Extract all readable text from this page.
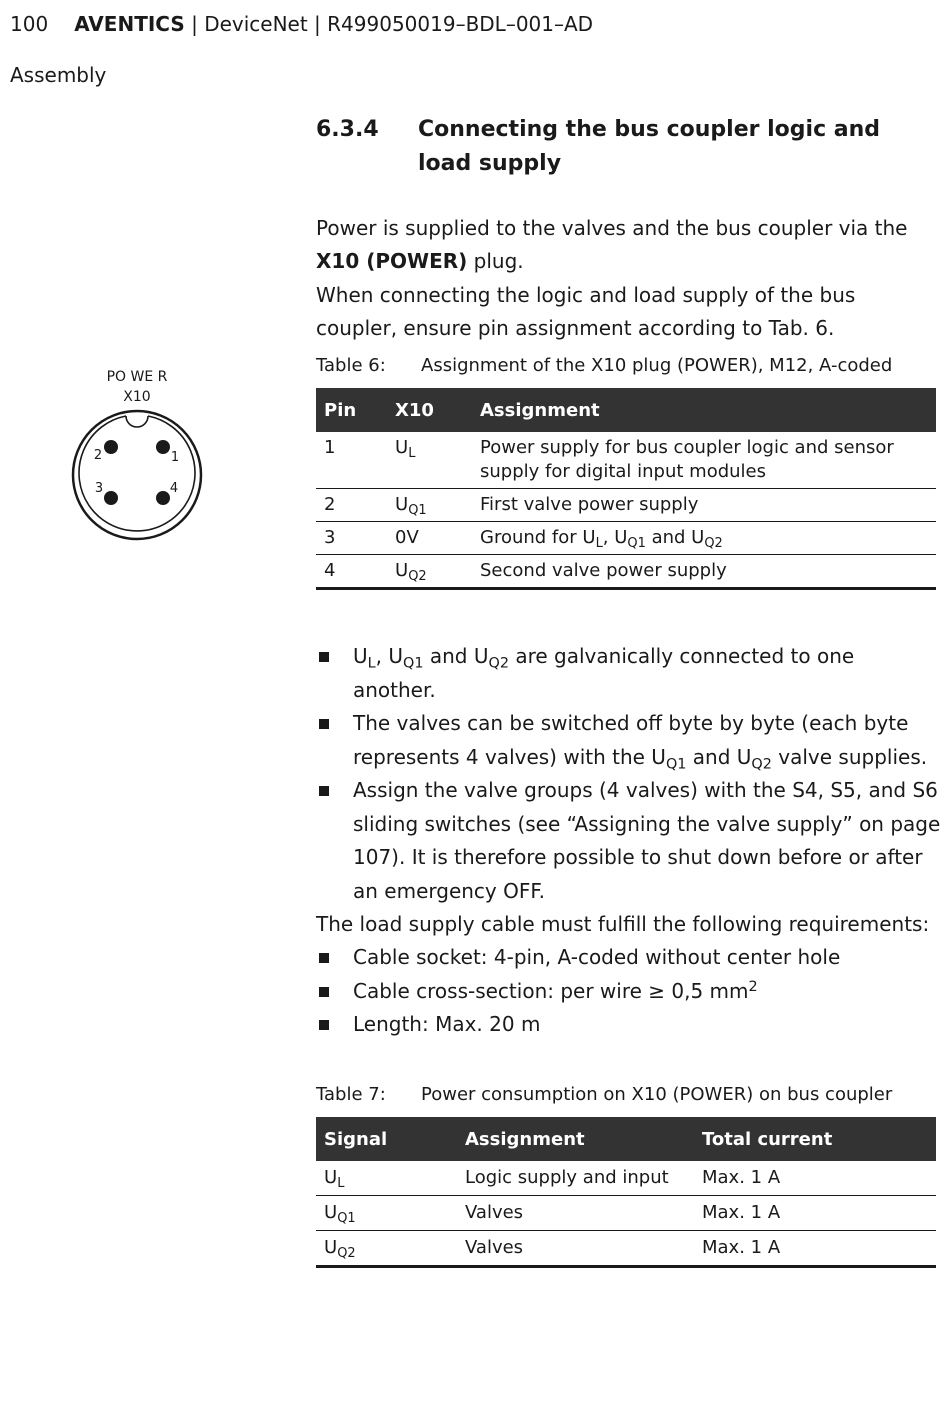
100 AVENTICS | DeviceNet | R499050019–BDL–001–AD
Assembly
6.3.4 Connecting the bus coupler logic and load supply
Power is supplied to the valves and the bus coupler via the X10 (POWER) plug.
When connecting the logic and load supply of the bus coupler, ensure pin assignment according to Tab. 6.
PO WE R
X10
1
2
3	4
Table 6: Assignment of the X10 plug (POWER), M12, A-coded
Pin	X10	Assignment
1	$U_L$	Power supply for bus coupler logic and sensor supply for digital input modules
2	$U_{Q1}$	First valve power supply
3	0V	Ground for $U_L$, $U_{Q1}$ and $U_{Q2}$
4	$U_{Q2}$	Second valve power supply
$U_L$, $U_{Q1}$ and $U_{Q2}$ are galvanically connected to one another.
The valves can be switched off byte by byte (each byte represents 4 valves) with the $U_{Q1}$ and $U_{Q2}$ valve supplies.
Assign the valve groups (4 valves) with the S4, S5, and S6 sliding switches (see “Assigning the valve supply” on page 107). It is therefore possible to shut down before or after an emergency OFF.
The load supply cable must fulfill the following requirements:
Cable socket: 4-pin, A-coded without center hole
Cable cross-section: per wire ≥ 0,5 $mm^2$
Length: Max. 20 m
Table 7: Power consumption on X10 (POWER) on bus coupler
Signal	Assignment	Total current
$U_L$	Logic supply and input	Max. 1 A
$U_{Q1}$	Valves	Max. 1 A
$U_{Q2}$	Valves	Max. 1 A
